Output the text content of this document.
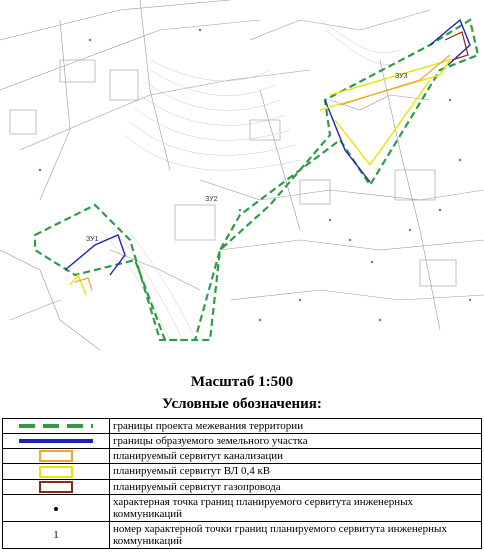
ЗУ1
ЗУ2
ЗУ3
Масштаб 1:500
Условные обозначения:
	границы проекта межевания территории
	границы образуемого земельного участка
	планируемый сервитут канализации
	планируемый сервитут ВЛ 0,4 кВ
	планируемый сервитут газопровода
	характерная точка границ планируемого сервитута инженерных коммуникаций
1	номер характерной точки границ планируемого сервитута инженерных коммуникаций
